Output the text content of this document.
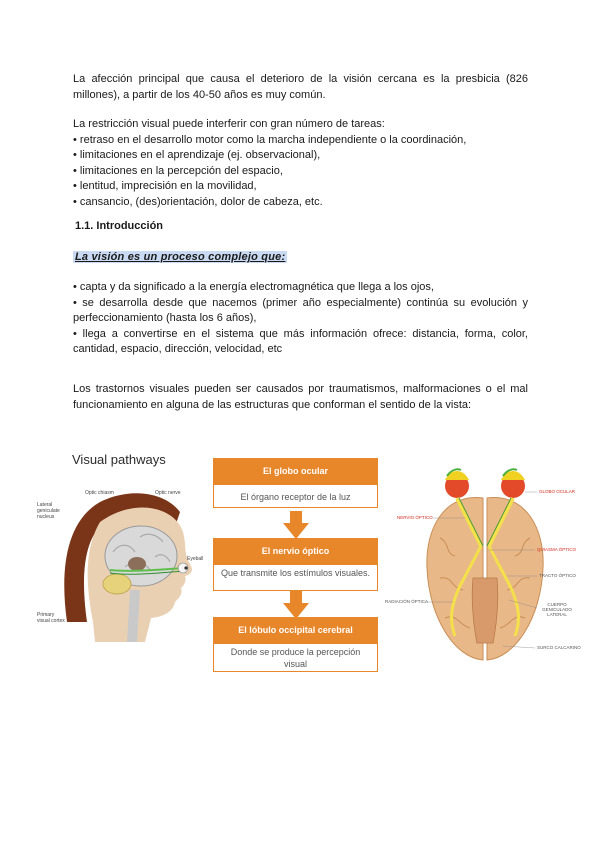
La afección principal que causa el deterioro de la visión cercana es la presbicia (826 millones), a partir de los 40-50 años es muy común.

La restricción visual puede interferir con gran número de tareas:
• retraso en el desarrollo motor como la marcha independiente o la coordinación,
• limitaciones en el aprendizaje (ej. observacional),
• limitaciones en la percepción del espacio,
• lentitud, imprecisión en la movilidad,
• cansancio, (des)orientación, dolor de cabeza, etc.
1.1. Introducción
La visión es un proceso complejo que:
• capta y da significado a la energía electromagnética que llega a los ojos,
• se desarrolla desde que nacemos (primer año especialmente) continúa su evolución y perfeccionamiento (hasta los 6 años),
• llega a convertirse en el sistema que más información ofrece: distancia, forma, color, cantidad, espacio, dirección, velocidad, etc

Los trastornos visuales pueden ser causados por traumatismos, malformaciones o el mal funcionamiento en alguna de las estructuras que conforman el sentido de la vista:

Visual pathways
Optic chiasm	Optic nerve
Lateral geniculate nucleus
Eyeball
Primary visual cortex
El globo ocular
El órgano receptor de la luz
El nervio óptico
Que transmite los estímulos visuales.
El lóbulo occipital cerebral
Donde se produce la percepción visual
GLOBO OCULAR
NERVIO ÓPTICO
QUIASMA ÓPTICO
TRACTO ÓPTICO
RADIACIÓN ÓPTICA
CUERPO GENICULADO LATERAL
SURCO CALCARINO
